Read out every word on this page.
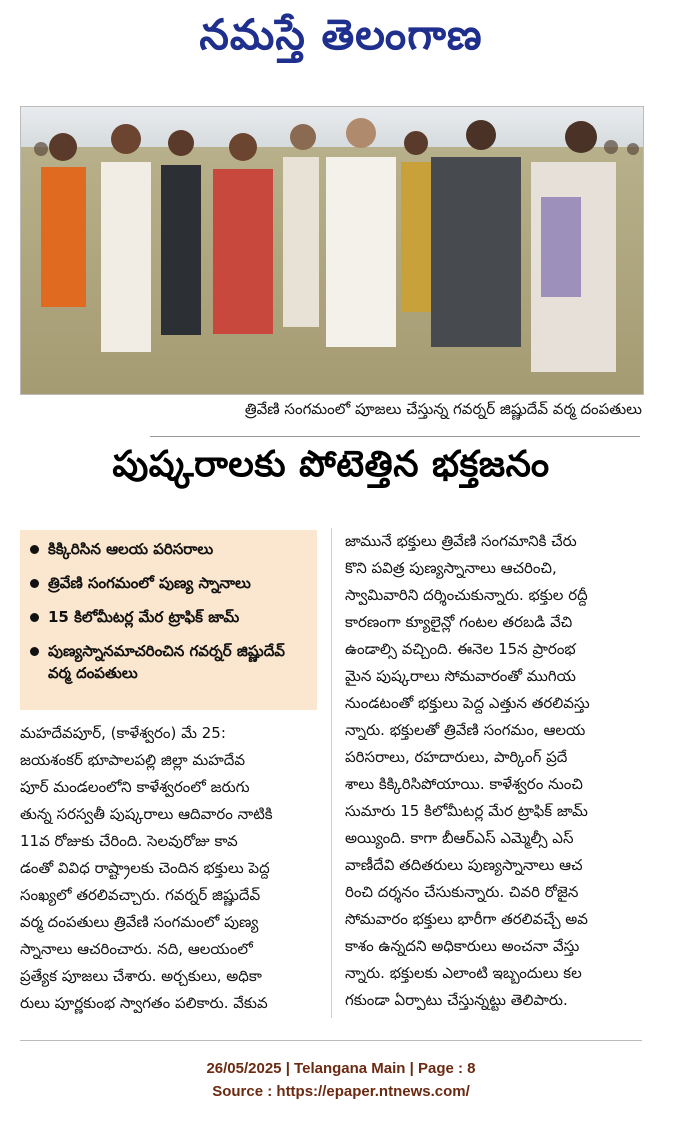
నమస్తే తెలంగాణ
త్రివేణి సంగమంలో పూజలు చేస్తున్న గవర్నర్ జిష్ణుదేవ్ వర్మ దంపతులు
పుష్కరాలకు పోటెత్తిన భక్తజనం
కిక్కిరిసిన ఆలయ పరిసరాలు
త్రివేణి సంగమంలో పుణ్య స్నానాలు
15 కిలోమీటర్ల మేర ట్రాఫిక్ జామ్
పుణ్యస్నానమాచరించిన గవర్నర్ జిష్ణుదేవ్ వర్మ దంపతులు
మహదేవపూర్, (కాళేశ్వరం) మే 25:
జయశంకర్ భూపాలపల్లి జిల్లా మహదేవ
పూర్ మండలంలోని కాళేశ్వరంలో జరుగు
తున్న సరస్వతీ పుష్కరాలు ఆదివారం నాటికి
11వ రోజుకు చేరింది. సెలవురోజు కావ
డంతో వివిధ రాష్ట్రాలకు చెందిన భక్తులు పెద్ద
సంఖ్యలో తరలివచ్చారు. గవర్నర్ జిష్ణుదేవ్
వర్మ దంపతులు త్రివేణి సంగమంలో పుణ్య
స్నానాలు ఆచరించారు. నది, ఆలయంలో
ప్రత్యేక పూజలు చేశారు. అర్చకులు, అధికా
రులు పూర్ణకుంభ స్వాగతం పలికారు. వేకువ
జామునే భక్తులు త్రివేణి సంగమానికి చేరు
కొని పవిత్ర పుణ్యస్నానాలు ఆచరించి,
స్వామివారిని దర్శించుకున్నారు. భక్తుల రద్దీ
కారణంగా క్యూలైన్లో గంటల తరబడి వేచి
ఉండాల్సి వచ్చింది. ఈనెల 15న ప్రారంభ
మైన పుష్కరాలు సోమవారంతో ముగియ
నుండటంతో భక్తులు పెద్ద ఎత్తున తరలివస్తు
న్నారు. భక్తులతో త్రివేణి సంగమం, ఆలయ
పరిసరాలు, రహదారులు, పార్కింగ్ ప్రదే
శాలు కిక్కిరిసిపోయాయి. కాళేశ్వరం నుంచి
సుమారు 15 కిలోమీటర్ల మేర ట్రాఫిక్ జామ్
అయ్యింది. కాగా బీఆర్ఎస్ ఎమ్మెల్సీ ఎస్
వాణీదేవి తదితరులు పుణ్యస్నానాలు ఆచ
రించి దర్శనం చేసుకున్నారు. చివరి రోజైన
సోమవారం భక్తులు భారీగా తరలివచ్చే అవ
కాశం ఉన్నదని అధికారులు అంచనా వేస్తు
న్నారు. భక్తులకు ఎలాంటి ఇబ్బందులు కల
గకుండా ఏర్పాటు చేస్తున్నట్టు తెలిపారు.
26/05/2025 | Telangana Main | Page : 8
Source : https://epaper.ntnews.com/
